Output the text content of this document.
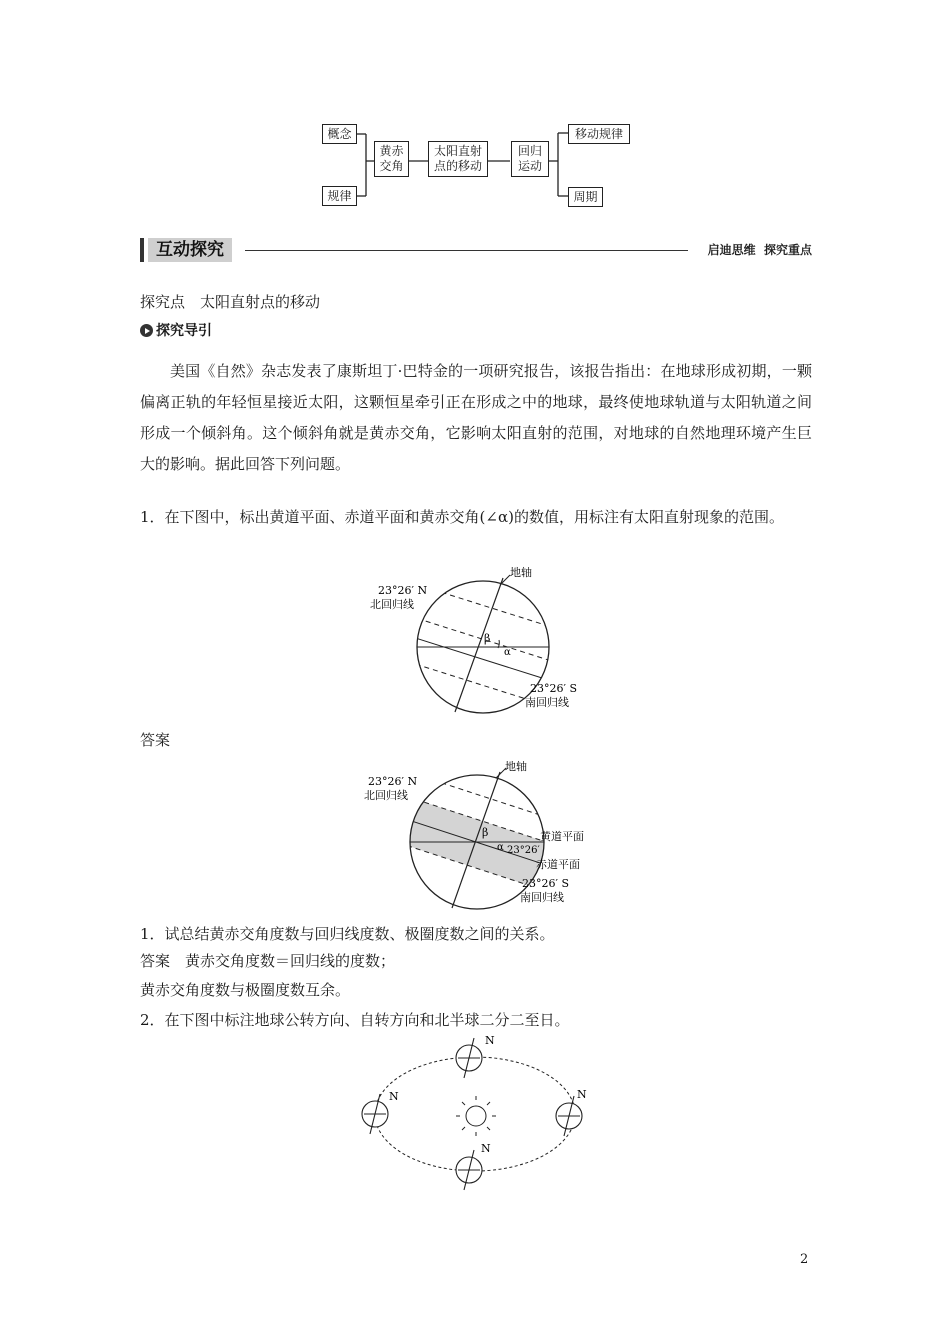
概念
规律
黄赤
交角
太阳直射
点的移动
回归
运动
移动规律
周期
互动探究	启迪思维  探究重点
探究点　太阳直射点的移动
探究导引
美国《自然》杂志发表了康斯坦丁·巴特金的一项研究报告，该报告指出：在地球形成初期，一颗偏离正轨的年轻恒星接近太阳，这颗恒星牵引正在形成之中的地球，最终使地球轨道与太阳轨道之间形成一个倾斜角。这个倾斜角就是黄赤交角，它影响太阳直射的范围，对地球的自然地理环境产生巨大的影响。据此回答下列问题。
1．在下图中，标出黄道平面、赤道平面和黄赤交角(∠α)的数值，用标注有太阳直射现象的范围。
地轴
23°26′ N
北回归线
β
α
23°26′ S
南回归线
答案
地轴
23°26′ N
北回归线
β
α 23°26′
黄道平面
赤道平面
23°26′ S
南回归线
1．试总结黄赤交角度数与回归线度数、极圈度数之间的关系。
答案　黄赤交角度数＝回归线的度数；
黄赤交角度数与极圈度数互余。
2．在下图中标注地球公转方向、自转方向和北半球二分二至日。
N
N	N
N
2
